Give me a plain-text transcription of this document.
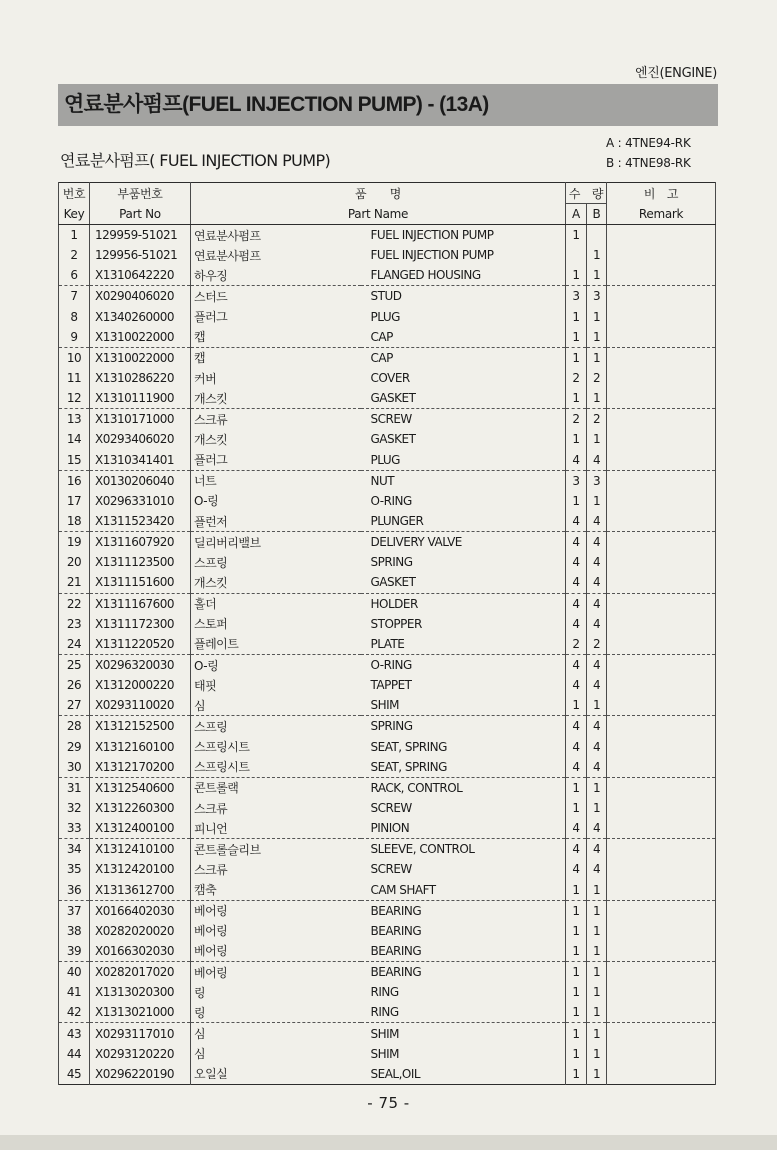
엔진(ENGINE)
연료분사펌프(FUEL INJECTION PUMP) - (13A)
연료분사펌프( FUEL INJECTION PUMP)
A : 4TNE94-RK
B : 4TNE98-RK
번호	부품번호	품　　명		수　량		비　고
Key	Part No	Part Name		A	B	Remark
1	129959-51021	연료분사펌프	FUEL INJECTION PUMP	1		
2	129956-51021	연료분사펌프	FUEL INJECTION PUMP		1	
6	X1310642220	하우징	FLANGED HOUSING	1	1	
7	X0290406020	스터드	STUD	3	3	
8	X1340260000	플러그	PLUG	1	1	
9	X1310022000	캡	CAP	1	1	
10	X1310022000	캡	CAP	1	1	
11	X1310286220	커버	COVER	2	2	
12	X1310111900	개스킷	GASKET	1	1	
13	X1310171000	스크류	SCREW	2	2	
14	X0293406020	개스킷	GASKET	1	1	
15	X1310341401	플러그	PLUG	4	4	
16	X0130206040	너트	NUT	3	3	
17	X0296331010	O-링	O-RING	1	1	
18	X1311523420	플런저	PLUNGER	4	4	
19	X1311607920	딜리버리밸브	DELIVERY VALVE	4	4	
20	X1311123500	스프링	SPRING	4	4	
21	X1311151600	개스킷	GASKET	4	4	
22	X1311167600	홀더	HOLDER	4	4	
23	X1311172300	스토퍼	STOPPER	4	4	
24	X1311220520	플레이트	PLATE	2	2	
25	X0296320030	O-링	O-RING	4	4	
26	X1312000220	태핏	TAPPET	4	4	
27	X0293110020	심	SHIM	1	1	
28	X1312152500	스프링	SPRING	4	4	
29	X1312160100	스프링시트	SEAT, SPRING	4	4	
30	X1312170200	스프링시트	SEAT, SPRING	4	4	
31	X1312540600	콘트롤랙	RACK, CONTROL	1	1	
32	X1312260300	스크류	SCREW	1	1	
33	X1312400100	피니언	PINION	4	4	
34	X1312410100	콘트롤슬리브	SLEEVE, CONTROL	4	4	
35	X1312420100	스크류	SCREW	4	4	
36	X1313612700	캠축	CAM SHAFT	1	1	
37	X0166402030	베어링	BEARING	1	1	
38	X0282020020	베어링	BEARING	1	1	
39	X0166302030	베어링	BEARING	1	1	
40	X0282017020	베어링	BEARING	1	1	
41	X1313020300	링	RING	1	1	
42	X1313021000	링	RING	1	1	
43	X0293117010	심	SHIM	1	1	
44	X0293120220	심	SHIM	1	1	
45	X0296220190	오일실	SEAL,OIL	1	1	
- 75 -
